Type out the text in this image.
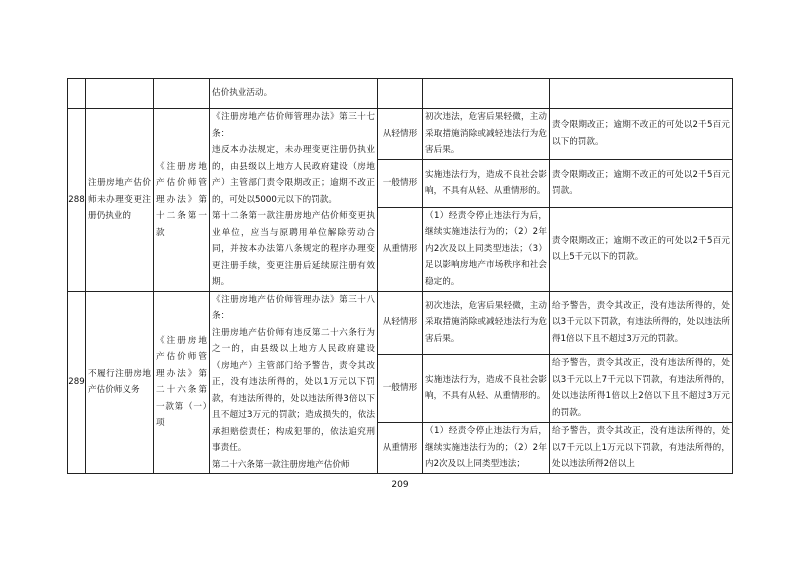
			估价执业活动。			
288	注册房地产估价师未办理变更注册仍执业的	《注册房地产估价师管理办法》第十二条第一款	《注册房地产估价师管理办法》第三十七条：
违反本办法规定，未办理变更注册仍执业的，由县级以上地方人民政府建设（房地产）主管部门责令限期改正；逾期不改正的，可处以5000元以下的罚款。
第十二条第一款注册房地产估价师变更执业单位，应当与原聘用单位解除劳动合同，并按本办法第八条规定的程序办理变更注册手续，变更注册后延续原注册有效期。	从轻情形	初次违法，危害后果轻微，主动采取措施消除或减轻违法行为危害后果。	责令限期改正；逾期不改正的可处以2千5百元以下的罚款。
				一般情形	实施违法行为，造成不良社会影响，不具有从轻、从重情形的。	责令限期改正；逾期不改正的可处以2千5百元罚款。
				从重情形	（1）经责令停止违法行为后，继续实施违法行为的；（2）2年内2次及以上同类型违法；（3）足以影响房地产市场秩序和社会稳定的。	责令限期改正；逾期不改正的可处以2千5百元以上5千元以下的罚款。
289	不履行注册房地产估价师义务	《注册房地产估价师管理办法》第二十六条第一款第（一）项	《注册房地产估价师管理办法》第三十八条：
注册房地产估价师有违反第二十六条行为之一的，由县级以上地方人民政府建设（房地产）主管部门给予警告，责令其改正，没有违法所得的，处以1万元以下罚款，有违法所得的，处以违法所得3倍以下且不超过3万元的罚款；造成损失的，依法承担赔偿责任；构成犯罪的，依法追究刑事责任。
第二十六条第一款注册房地产估价师	从轻情形	初次违法，危害后果轻微，主动采取措施消除或减轻违法行为危害后果。	给予警告，责令其改正，没有违法所得的，处以3千元以下罚款，有违法所得的，处以违法所得1倍以下且不超过3万元的罚款。
				一般情形	实施违法行为，造成不良社会影响，不具有从轻、从重情形的。	给予警告，责令其改正，没有违法所得的，处以3千元以上7千元以下罚款，有违法所得的，处以违法所得1倍以上2倍以下且不超过3万元的罚款。
				从重情形	（1）经责令停止违法行为后，继续实施违法行为的；（2）2年内2次及以上同类型违法；	给予警告，责令其改正，没有违法所得的，处以7千元以上1万元以下罚款，有违法所得的，处以违法所得2倍以上
209
